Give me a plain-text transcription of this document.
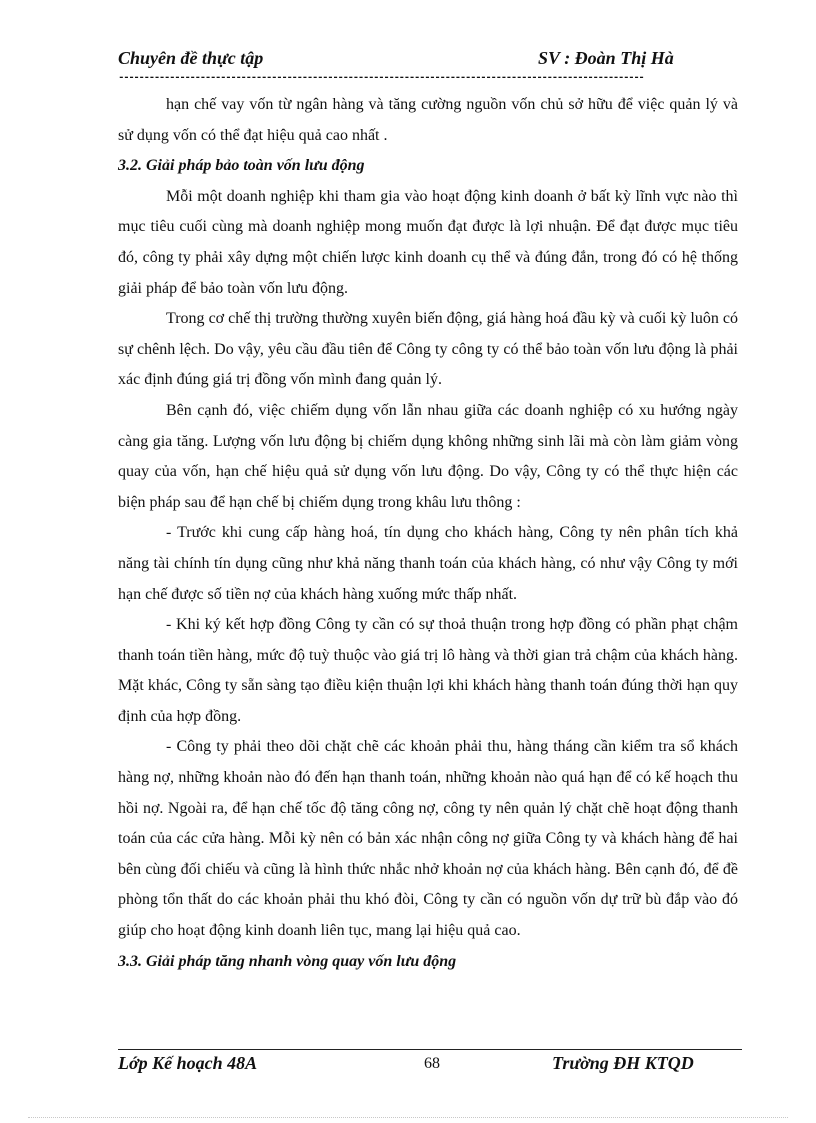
Chuyên đề thực tập	SV : Đoàn Thị Hà
-------------------------------------------------------------------------------------------------------

hạn chế vay vốn từ ngân hàng và tăng cường nguồn vốn chủ sở hữu để việc quản lý và sử dụng vốn có thể đạt hiệu quả cao nhất .

3.2. Giải pháp bảo toàn vốn lưu động

Mỗi một doanh nghiệp khi tham gia vào hoạt động kinh doanh ở bất kỳ lĩnh vực nào thì mục tiêu cuối cùng mà doanh nghiệp mong muốn đạt được là lợi nhuận. Để đạt được mục tiêu đó, công ty phải xây dựng một chiến lược kinh doanh cụ thể và đúng đắn, trong đó có hệ thống giải pháp để bảo toàn vốn lưu động.

Trong cơ chế thị trường thường xuyên biến động, giá hàng hoá đầu kỳ và cuối kỳ luôn có sự chênh lệch. Do vậy, yêu cầu đầu tiên để Công ty công ty có thể bảo toàn vốn lưu động là phải xác định đúng giá trị đồng vốn mình đang quản lý.

Bên cạnh đó, việc chiếm dụng vốn lẫn nhau giữa các doanh nghiệp có xu hướng ngày càng gia tăng. Lượng vốn lưu động bị chiếm dụng không những sinh lãi mà còn làm giảm vòng quay của vốn, hạn chế hiệu quả sử dụng vốn lưu động. Do vậy, Công ty có thể thực hiện các biện pháp sau để hạn chế bị chiếm dụng trong khâu lưu thông :

- Trước khi cung cấp hàng hoá, tín dụng cho khách hàng, Công ty nên phân tích khả năng tài chính tín dụng cũng như khả năng thanh toán của khách hàng, có như vậy Công ty mới hạn chế được số tiền nợ của khách hàng xuống mức thấp nhất.

- Khi ký kết hợp đồng Công ty cần có sự thoả thuận trong hợp đồng có phần phạt chậm thanh toán tiền hàng, mức độ tuỳ thuộc vào giá trị lô hàng và thời gian trả chậm của khách hàng. Mặt khác, Công ty sẵn sàng tạo điều kiện thuận lợi khi khách hàng thanh toán đúng thời hạn quy định của hợp đồng.

- Công ty phải theo dõi chặt chẽ các khoản phải thu, hàng tháng cần kiểm tra sổ khách hàng nợ, những khoản nào đó đến hạn thanh toán, những khoản nào quá hạn để có kế hoạch thu hồi nợ. Ngoài ra, để hạn chế tốc độ tăng công nợ, công ty nên quản lý chặt chẽ hoạt động thanh toán của các cửa hàng. Mỗi kỳ nên có bản xác nhận công nợ giữa Công ty và khách hàng để hai bên cùng đối chiếu và cũng là hình thức nhắc nhở khoản nợ của khách hàng. Bên cạnh đó, để đề phòng tổn thất do các khoản phải thu khó đòi, Công ty cần có nguồn vốn dự trữ bù đắp vào đó giúp cho hoạt động kinh doanh liên tục, mang lại hiệu quả cao.

3.3. Giải pháp tăng nhanh vòng quay vốn lưu động

Lớp Kế hoạch 48A	68	Trường ĐH KTQD
